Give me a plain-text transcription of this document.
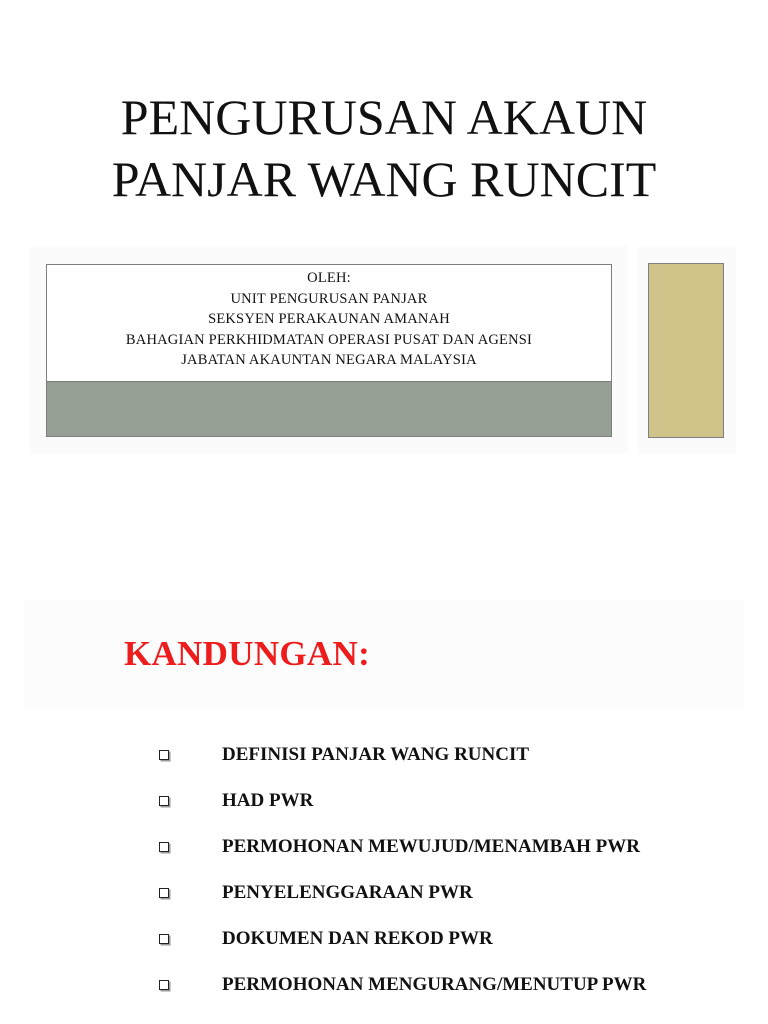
PENGURUSAN AKAUN
PANJAR WANG RUNCIT
OLEH:
UNIT PENGURUSAN PANJAR
SEKSYEN PERAKAUNAN AMANAH
BAHAGIAN PERKHIDMATAN OPERASI PUSAT DAN AGENSI
JABATAN AKAUNTAN NEGARA MALAYSIA
KANDUNGAN:
DEFINISI PANJAR WANG RUNCIT
HAD PWR
PERMOHONAN MEWUJUD/MENAMBAH PWR
PENYELENGGARAAN PWR
DOKUMEN DAN REKOD PWR
PERMOHONAN MENGURANG/MENUTUP PWR
